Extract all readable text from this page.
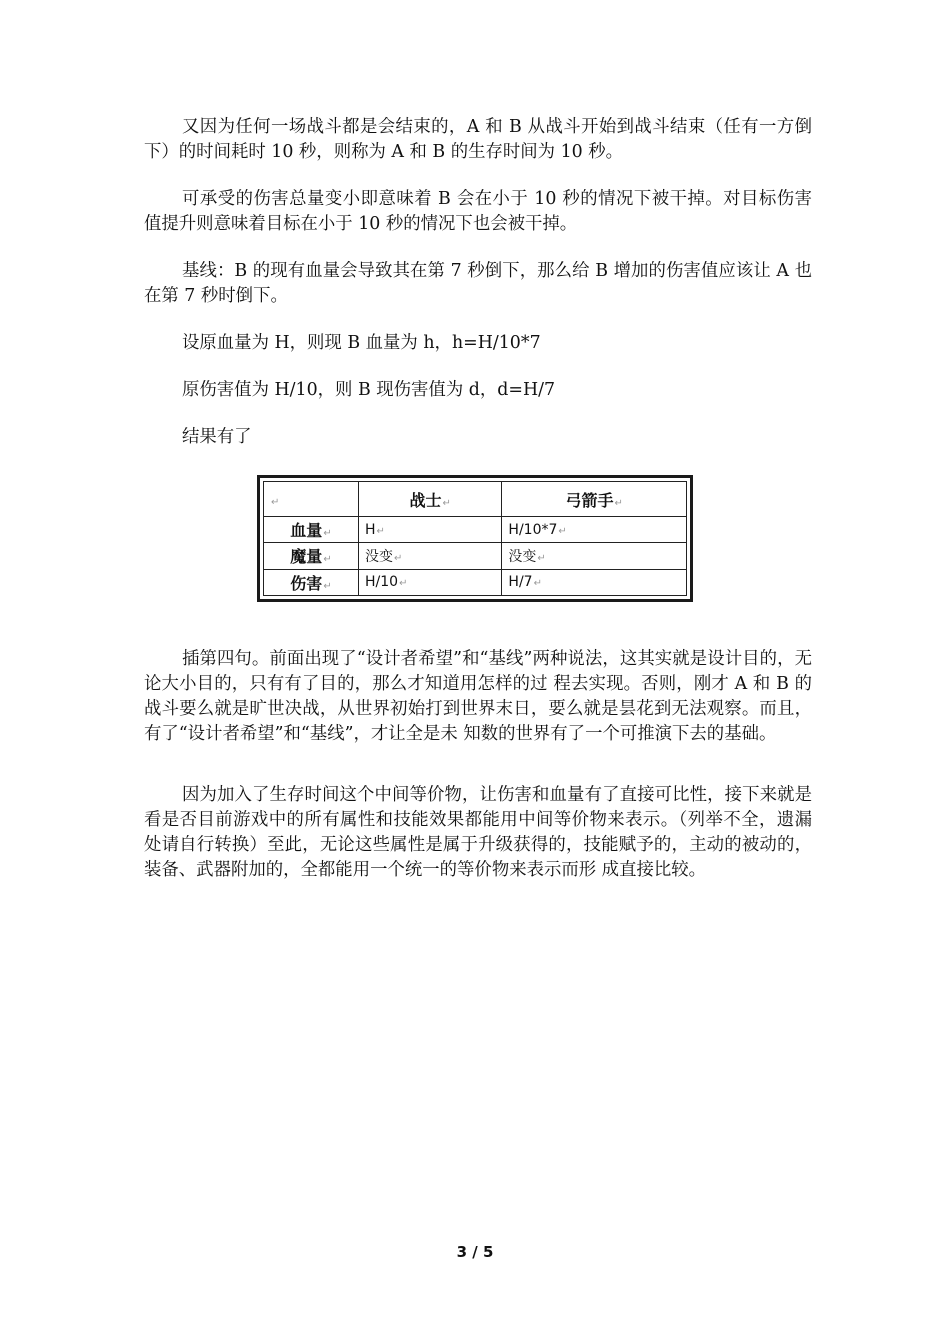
又因为任何一场战斗都是会结束的，A 和 B 从战斗开始到战斗结束（任有一方倒下）的时间耗时 10 秒，则称为 A 和 B 的生存时间为 10 秒。

可承受的伤害总量变小即意味着 B 会在小于 10 秒的情况下被干掉。对目标伤害值提升则意味着目标在小于 10 秒的情况下也会被干掉。

基线：B 的现有血量会导致其在第 7 秒倒下，那么给 B 增加的伤害值应该让 A 也在第 7 秒时倒下。

设原血量为 H，则现 B 血量为 h，h=H/10*7

原伤害值为 H/10，则 B 现伤害值为 d，d=H/7

结果有了

↵	战士↵	弓箭手↵
血量↵	H↵	H/10*7↵
魔量↵	没变↵	没变↵
伤害↵	H/10↵	H/7↵

插第四句。前面出现了“设计者希望”和“基线”两种说法，这其实就是设计目的，无论大小目的，只有有了目的，那么才知道用怎样的过 程去实现。否则，刚才 A 和 B 的战斗要么就是旷世决战，从世界初始打到世界末日，要么就是昙花到无法观察。而且，有了“设计者希望”和“基线”，才让全是未 知数的世界有了一个可推演下去的基础。

因为加入了生存时间这个中间等价物，让伤害和血量有了直接可比性，接下来就是看是否目前游戏中的所有属性和技能效果都能用中间等价物来表示。（列举不全，遗漏处请自行转换）至此，无论这些属性是属于升级获得的，技能赋予的，主动的被动的，装备、武器附加的，全都能用一个统一的等价物来表示而形 成直接比较。

3 / 5
